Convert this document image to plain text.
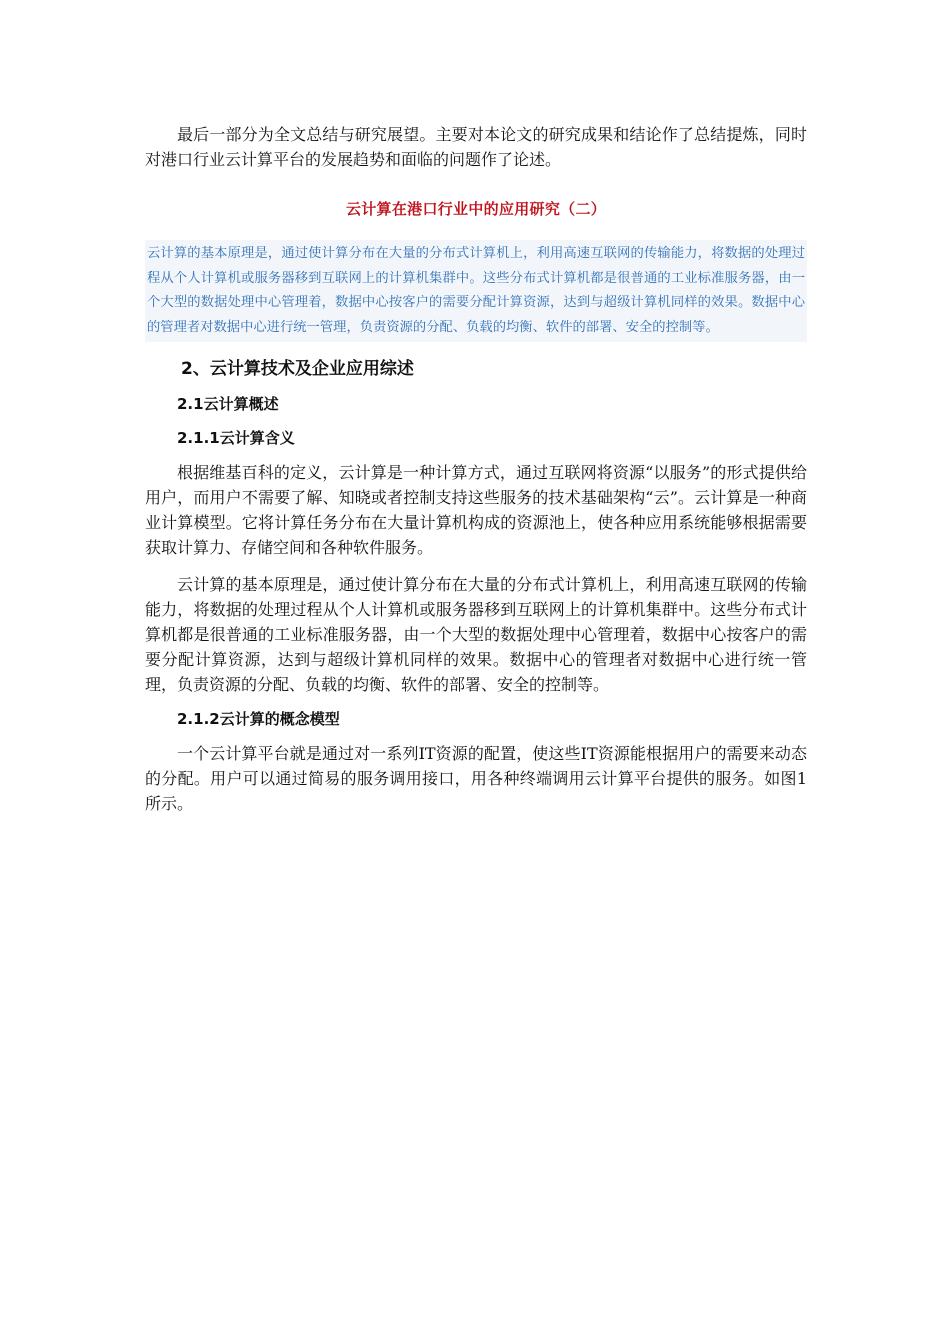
最后一部分为全文总结与研究展望。主要对本论文的研究成果和结论作了总结提炼，同时对港口行业云计算平台的发展趋势和面临的问题作了论述。

云计算在港口行业中的应用研究（二）
云计算的基本原理是，通过使计算分布在大量的分布式计算机上，利用高速互联网的传输能力，将数据的处理过程从个人计算机或服务器移到互联网上的计算机集群中。这些分布式计算机都是很普通的工业标准服务器，由一个大型的数据处理中心管理着，数据中心按客户的需要分配计算资源，达到与超级计算机同样的效果。数据中心的管理者对数据中心进行统一管理，负责资源的分配、负载的均衡、软件的部署、安全的控制等。
2、云计算技术及企业应用综述
2.1云计算概述
2.1.1云计算含义

根据维基百科的定义，云计算是一种计算方式，通过互联网将资源“以服务”的形式提供给用户，而用户不需要了解、知晓或者控制支持这些服务的技术基础架构“云”。云计算是一种商业计算模型。它将计算任务分布在大量计算机构成的资源池上，使各种应用系统能够根据需要获取计算力、存储空间和各种软件服务。

云计算的基本原理是，通过使计算分布在大量的分布式计算机上，利用高速互联网的传输能力，将数据的处理过程从个人计算机或服务器移到互联网上的计算机集群中。这些分布式计算机都是很普通的工业标准服务器，由一个大型的数据处理中心管理着，数据中心按客户的需要分配计算资源，达到与超级计算机同样的效果。数据中心的管理者对数据中心进行统一管理，负责资源的分配、负载的均衡、软件的部署、安全的控制等。

2.1.2云计算的概念模型

一个云计算平台就是通过对一系列IT资源的配置，使这些IT资源能根据用户的需要来动态的分配。用户可以通过简易的服务调用接口，用各种终端调用云计算平台提供的服务。如图1所示。
